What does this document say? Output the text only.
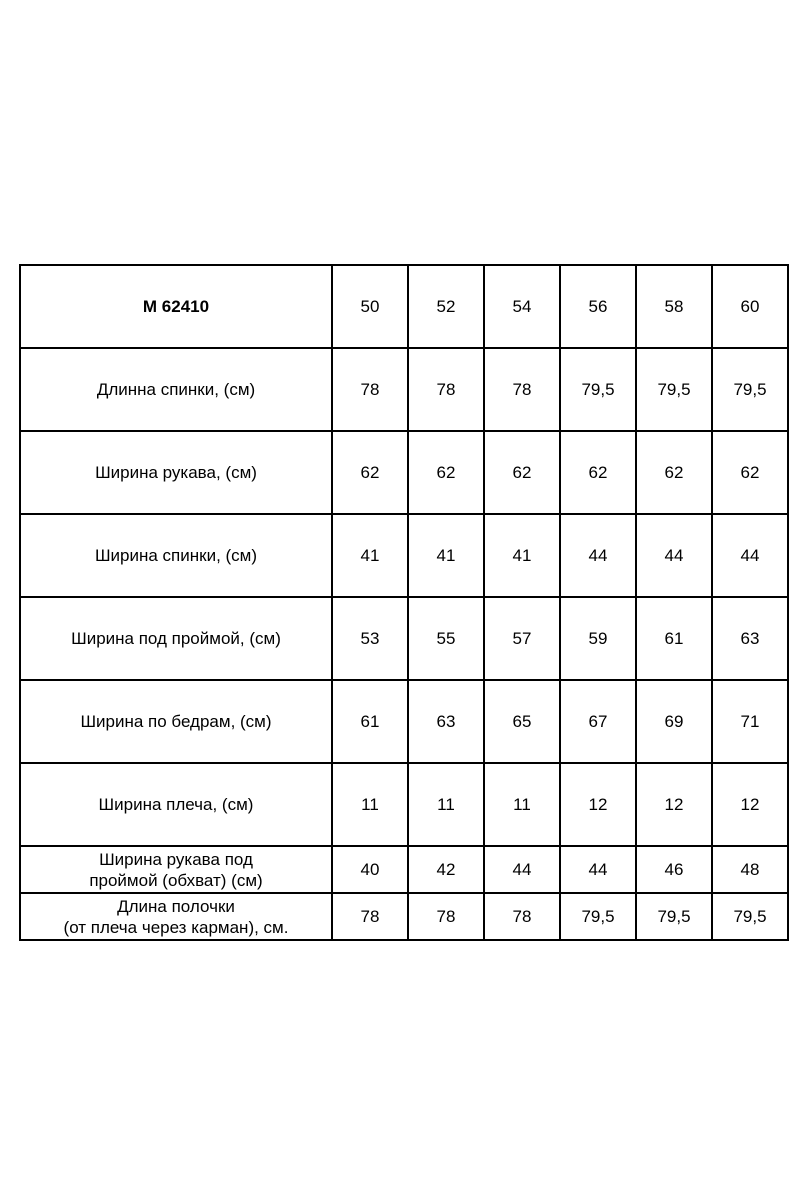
М 62410	50	52	54	56	58	60
Длинна спинки, (см)	78	78	78	79,5	79,5	79,5
Ширина рукава, (см)	62	62	62	62	62	62
Ширина спинки, (см)	41	41	41	44	44	44
Ширина под проймой, (см)	53	55	57	59	61	63
Ширина по бедрам, (см)	61	63	65	67	69	71
Ширина плеча, (см)	11	11	11	12	12	12
Ширина рукава под
проймой (обхват) (см)	40	42	44	44	46	48
Длина полочки
(от плеча через карман), см.	78	78	78	79,5	79,5	79,5
